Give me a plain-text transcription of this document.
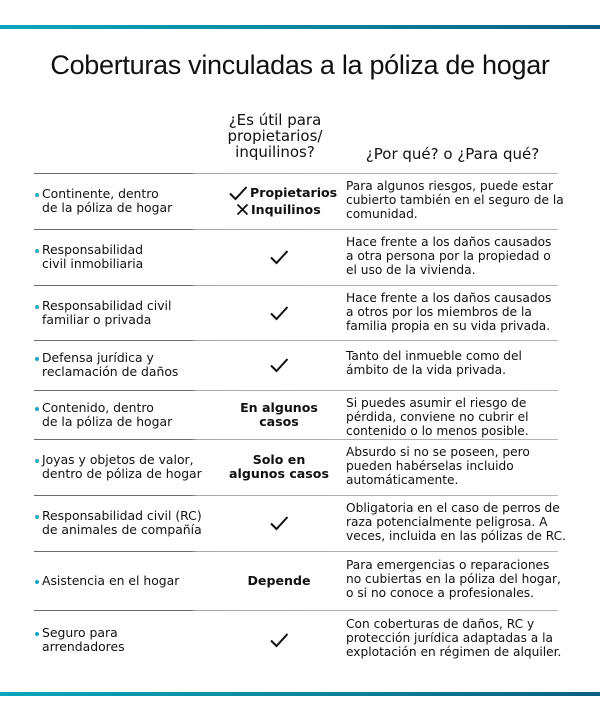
Coberturas vinculadas a la póliza de hogar
¿Es útil para
propietarios/
inquilinos?	¿Por qué? o ¿Para qué?
Continente, dentro
de la póliza de hogar
Propietarios
Inquilinos
Para algunos riesgos, puede estar
cubierto también en el seguro de la
comunidad.
Responsabilidad
civil inmobiliaria
Hace frente a los daños causados
a otra persona por la propiedad o
el uso de la vivienda.
Responsabilidad civil
familiar o privada
Hace frente a los daños causados
a otros por los miembros de la
familia propia en su vida privada.
Defensa jurídica y
reclamación de daños
Tanto del inmueble como del
ámbito de la vida privada.
Contenido, dentro
de la póliza de hogar
En algunos
casos
Si puedes asumir el riesgo de
pérdida, conviene no cubrir el
contenido o lo menos posible.
Joyas y objetos de valor,
dentro de póliza de hogar
Solo en
algunos casos
Absurdo si no se poseen, pero
pueden habérselas incluido
automáticamente.
Responsabilidad civil (RC)
de animales de compañía
Obligatoria en el caso de perros de
raza potencialmente peligrosa. A
veces, incluida en las pólizas de RC.
Asistencia en el hogar	Depende
Para emergencias o reparaciones
no cubiertas en la póliza del hogar,
o si no conoce a profesionales.
Seguro para
arrendadores
Con coberturas de daños, RC y
protección jurídica adaptadas a la
explotación en régimen de alquiler.
